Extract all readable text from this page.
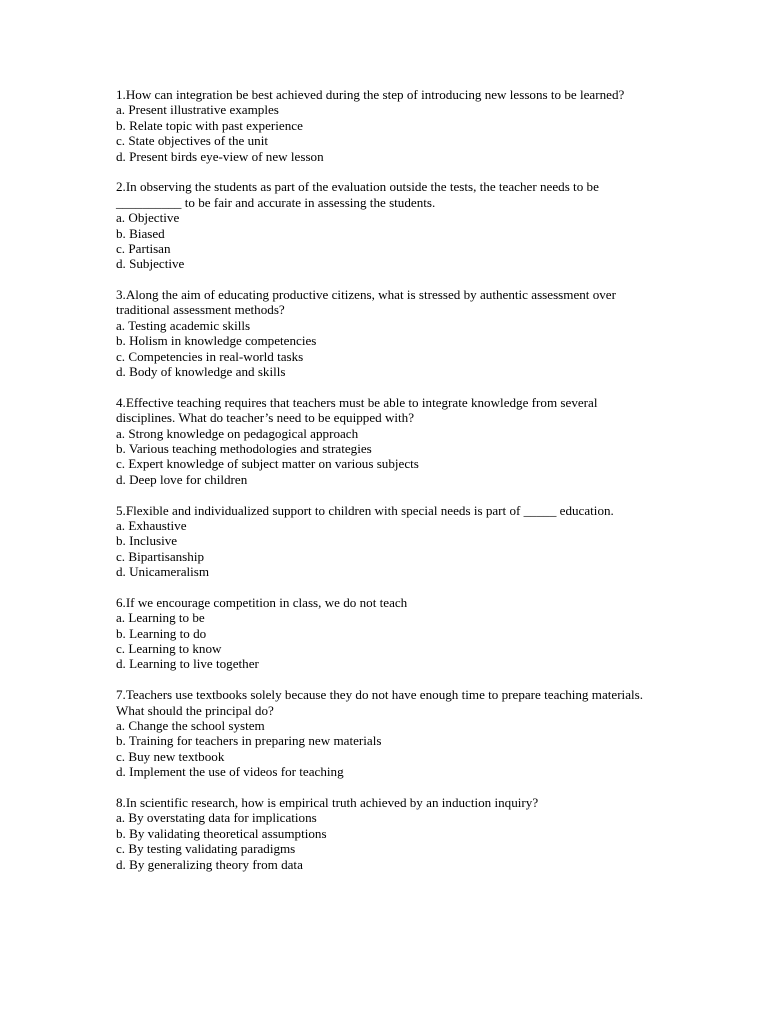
1.How can integration be best achieved during the step of introducing new lessons to be learned?

a. Present illustrative examples

b. Relate topic with past experience

c. State objectives of the unit

d. Present birds eye-view of new lesson

2.In observing the students as part of the evaluation outside the tests, the teacher needs to be __________ to be fair and accurate in assessing the students.

a. Objective

b. Biased

c. Partisan

d. Subjective

3.Along the aim of educating productive citizens, what is stressed by authentic assessment over traditional assessment methods?

a. Testing academic skills

b. Holism in knowledge competencies

c. Competencies in real-world tasks

d. Body of knowledge and skills

4.Effective teaching requires that teachers must be able to integrate knowledge from several disciplines. What do teacher’s need to be equipped with?

a. Strong knowledge on pedagogical approach

b. Various teaching methodologies and strategies

c. Expert knowledge of subject matter on various subjects

d. Deep love for children

5.Flexible and individualized support to children with special needs is part of _____ education.

a. Exhaustive

b. Inclusive

c. Bipartisanship

d. Unicameralism

6.If we encourage competition in class, we do not teach

a. Learning to be

b. Learning to do

c. Learning to know

d. Learning to live together

7.Teachers use textbooks solely because they do not have enough time to prepare teaching materials. What should the principal do?

a. Change the school system

b. Training for teachers in preparing new materials

c. Buy new textbook

d. Implement the use of videos for teaching

8.In scientific research, how is empirical truth achieved by an induction inquiry?

a. By overstating data for implications

b. By validating theoretical assumptions

c. By testing validating paradigms

d. By generalizing theory from data
